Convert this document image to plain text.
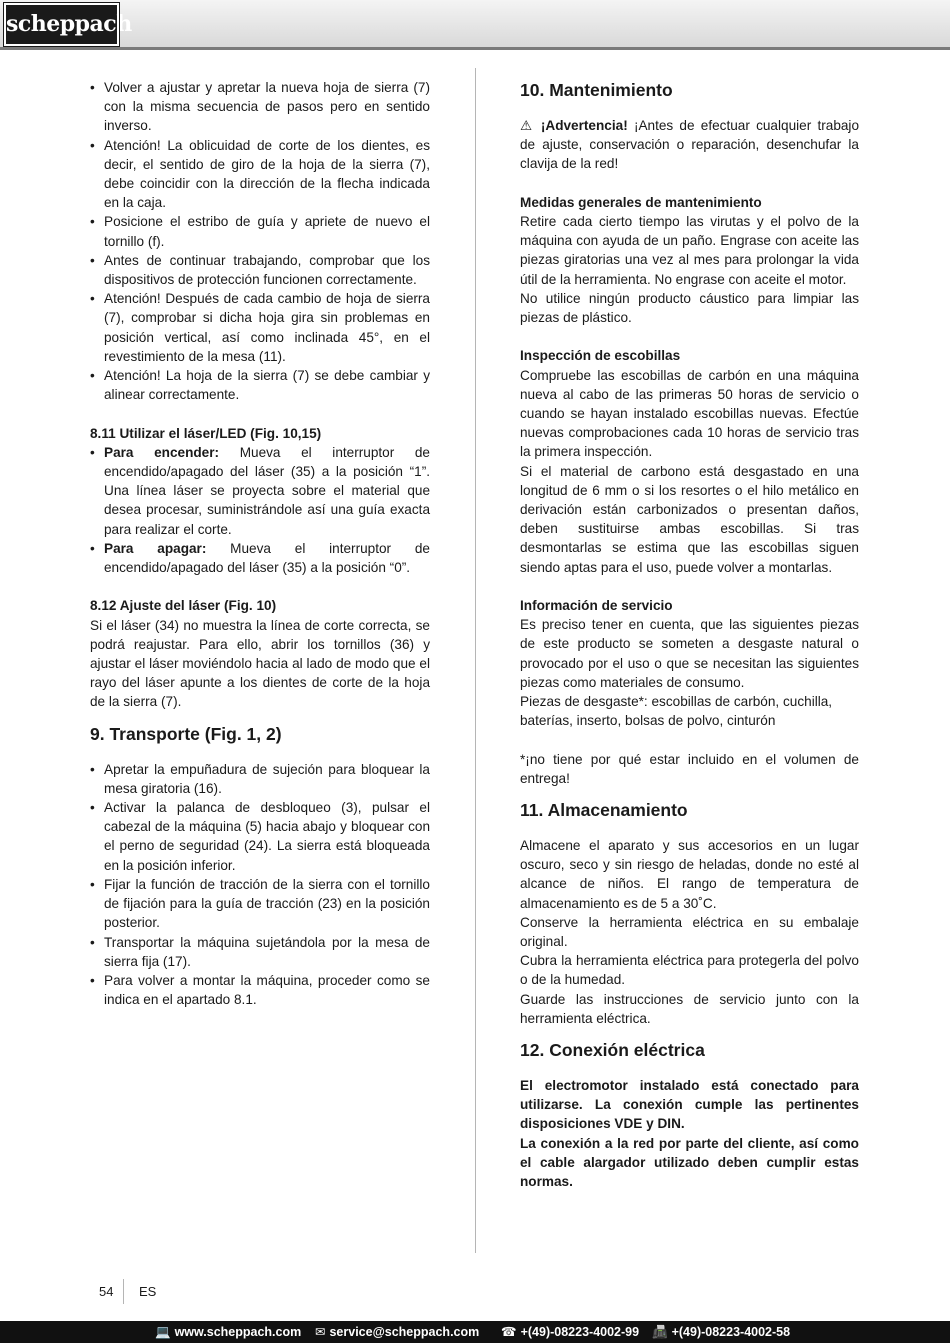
scheppach
• Volver a ajustar y apretar la nueva hoja de sierra (7) con la misma secuencia de pasos pero en sentido inverso.
• Atención! La oblicuidad de corte de los dientes, es decir, el sentido de giro de la hoja de la sierra (7), debe coincidir con la dirección de la flecha indicada en la caja.
• Posicione el estribo de guía y apriete de nuevo el tornillo (f).
• Antes de continuar trabajando, comprobar que los dispositivos de protección funcionen correctamente.
• Atención! Después de cada cambio de hoja de sierra (7), comprobar si dicha hoja gira sin problemas en posición vertical, así como inclinada 45°, en el revestimiento de la mesa (11).
• Atención! La hoja de la sierra (7) se debe cambiar y alinear correctamente.

8.11 Utilizar el láser/LED (Fig. 10,15)

• Para encender: Mueva el interruptor de encendido/apagado del láser (35) a la posición “1”. Una línea láser se proyecta sobre el material que desea procesar, suministrándole así una guía exacta para realizar el corte.
• Para apagar: Mueva el interruptor de encendido/apagado del láser (35) a la posición “0”.

8.12 Ajuste del láser (Fig. 10)

Si el láser (34) no muestra la línea de corte correcta, se podrá reajustar. Para ello, abrir los tornillos (36) y ajustar el láser moviéndolo hacia al lado de modo que el rayo del láser apunte a los dientes de corte de la hoja de la sierra (7).

9. Transporte (Fig. 1, 2)
• Apretar la empuñadura de sujeción para bloquear la mesa giratoria (16).
• Activar la palanca de desbloqueo (3), pulsar el cabezal de la máquina (5) hacia abajo y bloquear con el perno de seguridad (24). La sierra está bloqueada en la posición inferior.
• Fijar la función de tracción de la sierra con el tornillo de fijación para la guía de tracción (23) en la posición posterior.
• Transportar la máquina sujetándola por la mesa de sierra fija (17).
• Para volver a montar la máquina, proceder como se indica en el apartado 8.1.
10. Mantenimiento

⚠ ¡Advertencia! ¡Antes de efectuar cualquier trabajo de ajuste, conservación o reparación, desenchufar la clavija de la red!

Medidas generales de mantenimiento

Retire cada cierto tiempo las virutas y el polvo de la máquina con ayuda de un paño. Engrase con aceite las piezas giratorias una vez al mes para prolongar la vida útil de la herramienta. No engrase con aceite el motor.

No utilice ningún producto cáustico para limpiar las piezas de plástico.

Inspección de escobillas

Compruebe las escobillas de carbón en una máquina nueva al cabo de las primeras 50 horas de servicio o cuando se hayan instalado escobillas nuevas. Efectúe nuevas comprobaciones cada 10 horas de servicio tras la primera inspección.

Si el material de carbono está desgastado en una longitud de 6 mm o si los resortes o el hilo metálico en derivación están carbonizados o presentan daños, deben sustituirse ambas escobillas. Si tras desmontarlas se estima que las escobillas siguen siendo aptas para el uso, puede volver a montarlas.

Información de servicio

Es preciso tener en cuenta, que las siguientes piezas de este producto se someten a desgaste natural o provocado por el uso o que se necesitan las siguientes piezas como materiales de consumo.

Piezas de desgaste*: escobillas de carbón, cuchilla, baterías, inserto, bolsas de polvo, cinturón

*¡no tiene por qué estar incluido en el volumen de entrega!

11. Almacenamiento

Almacene el aparato y sus accesorios en un lugar oscuro, seco y sin riesgo de heladas, donde no esté al alcance de niños. El rango de temperatura de almacenamiento es de 5 a 30˚C.

Conserve la herramienta eléctrica en su embalaje original.

Cubra la herramienta eléctrica para protegerla del polvo o de la humedad.

Guarde las instrucciones de servicio junto con la herramienta eléctrica.

12. Conexión eléctrica

El electromotor instalado está conectado para utilizarse. La conexión cumple las pertinentes disposiciones VDE y DIN.

La conexión a la red por parte del cliente, así como el cable alargador utilizado deben cumplir estas normas.

54 ES
💻 www.scheppach.com ✉ service@scheppach.com ☎ +(49)-08223-4002-99 📠 +(49)-08223-4002-58
